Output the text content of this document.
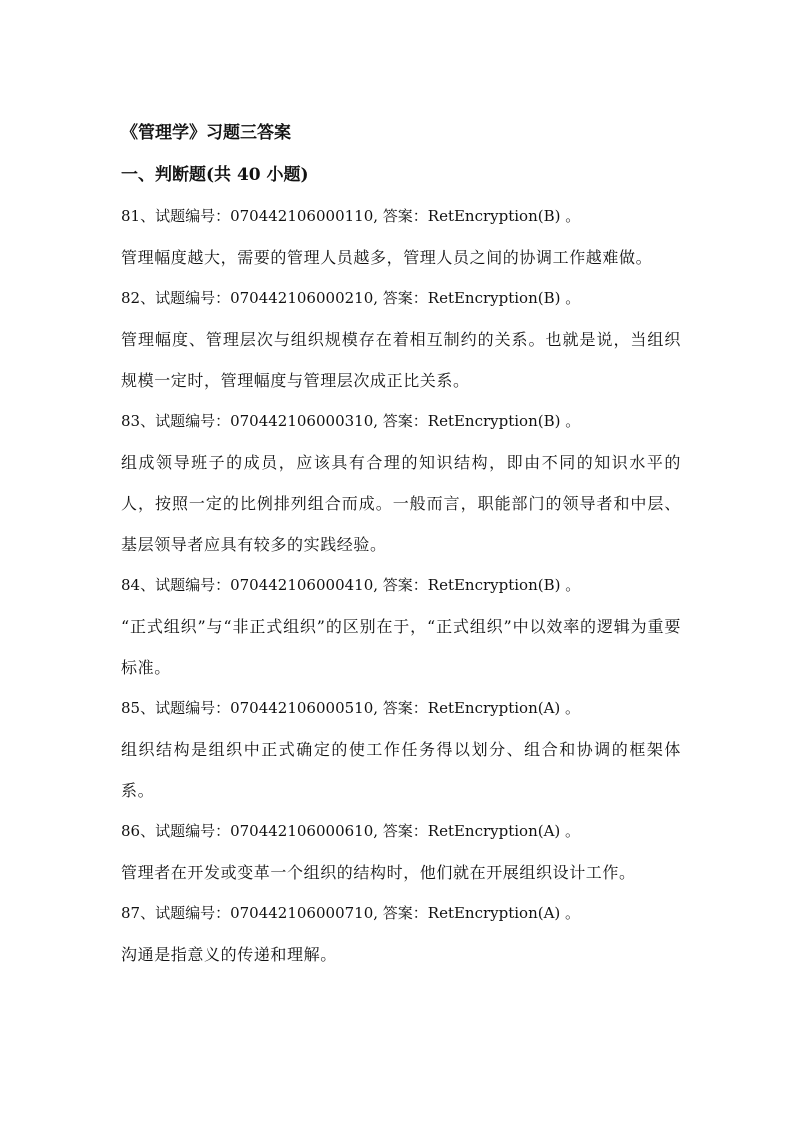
《管理学》习题三答案
一、判断题(共 40 小题)
81、试题编号：070442106000110, 答案：RetEncryption(B) 。
管理幅度越大，需要的管理人员越多，管理人员之间的协调工作越难做。
82、试题编号：070442106000210, 答案：RetEncryption(B) 。
管理幅度、管理层次与组织规模存在着相互制约的关系。也就是说，当组织规模一定时，管理幅度与管理层次成正比关系。
83、试题编号：070442106000310, 答案：RetEncryption(B) 。
组成领导班子的成员，应该具有合理的知识结构，即由不同的知识水平的人，按照一定的比例排列组合而成。一般而言，职能部门的领导者和中层、基层领导者应具有较多的实践经验。
84、试题编号：070442106000410, 答案：RetEncryption(B) 。
“正式组织”与“非正式组织”的区别在于，“正式组织”中以效率的逻辑为重要标准。
85、试题编号：070442106000510, 答案：RetEncryption(A) 。
组织结构是组织中正式确定的使工作任务得以划分、组合和协调的框架体系。
86、试题编号：070442106000610, 答案：RetEncryption(A) 。
管理者在开发或变革一个组织的结构时，他们就在开展组织设计工作。
87、试题编号：070442106000710, 答案：RetEncryption(A) 。
沟通是指意义的传递和理解。
